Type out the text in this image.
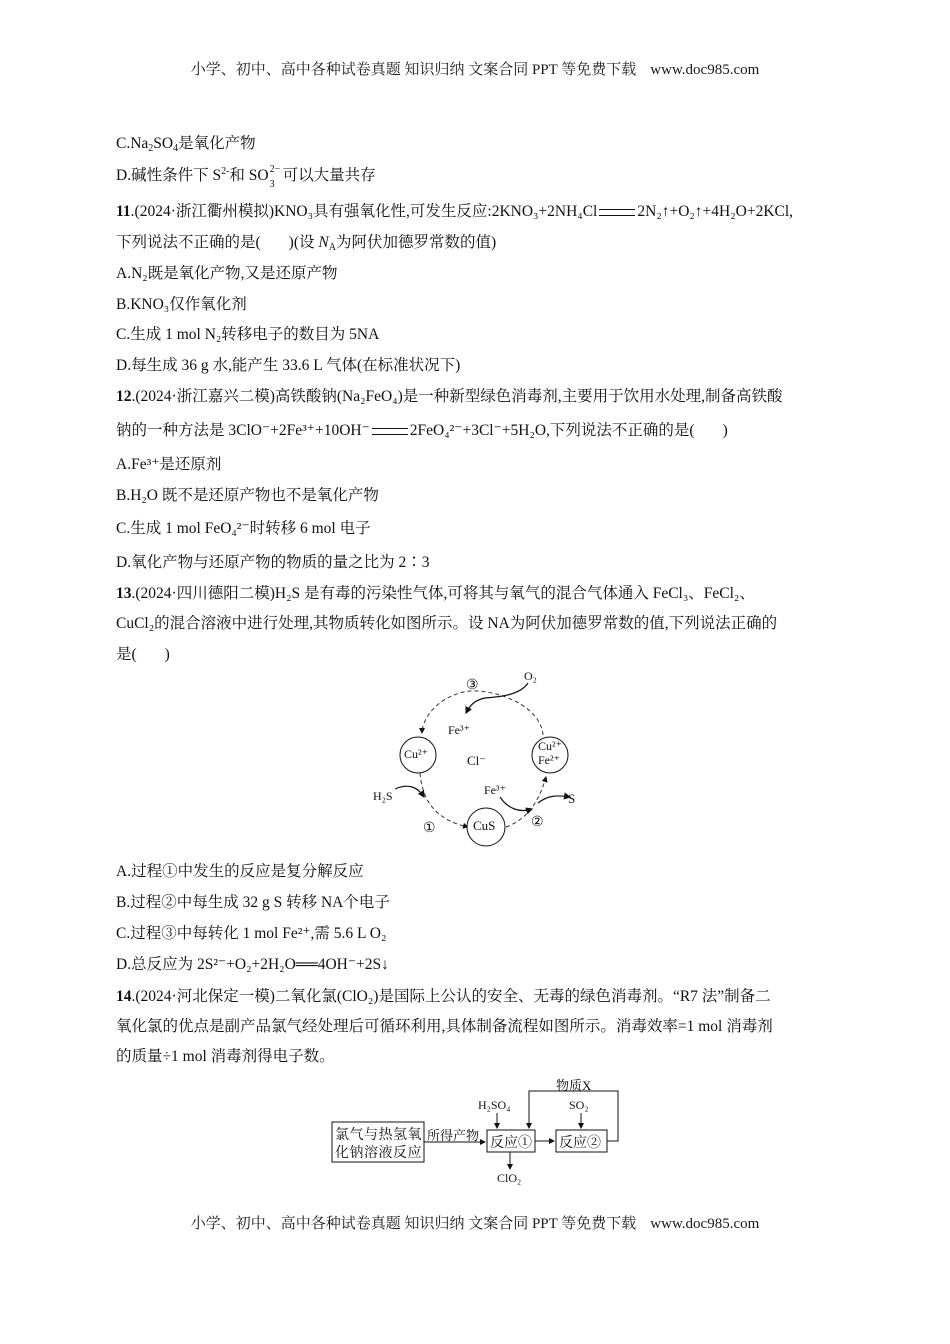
小学、初中、高中各种试卷真题 知识归纳 文案合同 PPT 等免费下载 www.doc985.com
$C.Na_2SO_4$是氧化产物
D.碱性条件下 $S^{2-}$和 SO 2−
3
可以大量共存
11.(2024·浙江衢州模拟)KNO₃具有强氧化性,可发生反应:2KNO₃+2NH₄Cl	2N₂↑+O₂↑+4H₂O+2KCl,
下列说法不正确的是( )(设 $N_A$为阿伏加德罗常数的值)
A.N₂既是氧化产物,又是还原产物
B.KNO₃仅作氧化剂
C.生成 1 mol N₂转移电子的数目为 5NA
D.每生成 36 g 水,能产生 33.6 L 气体(在标准状况下)
12.(2024·浙江嘉兴二模)高铁酸钠(Na₂FeO₄)是一种新型绿色消毒剂,主要用于饮用水处理,制备高铁酸
钠的一种方法是 3ClO⁻+2Fe³⁺+10OH⁻	2FeO₄²⁻+3Cl⁻+5H₂O,下列说法不正确的是( )
A.Fe³⁺是还原剂
B.H₂O 既不是还原产物也不是氧化产物
C.生成 1 mol FeO₄²⁻时转移 6 mol 电子
D.氧化产物与还原产物的物质的量之比为 2∶3
13.(2024·四川德阳二模)H₂S 是有毒的污染性气体,可将其与氧气的混合气体通入 FeCl₃、FeCl₂、
CuCl₂的混合溶液中进行处理,其物质转化如图所示。设 NA为阿伏加德罗常数的值,下列说法正确的
是( )
Cu²⁺
Cu²⁺
Fe²⁺
CuS
O₂
Fe³⁺
Cl⁻
H₂S	Fe³⁺
S
①	②
③
A.过程①中发生的反应是复分解反应
B.过程②中每生成 32 g S 转移 NA个电子
C.过程③中每转化 1 mol Fe²⁺,需 5.6 L O₂
D.总反应为 2S²⁻+O₂+2H₂O══4OH⁻+2S↓
14.(2024·河北保定一模)二氧化氯(ClO₂)是国际上公认的安全、无毒的绿色消毒剂。“R7 法”制备二
氧化氯的优点是副产品氯气经处理后可循环利用,具体制备流程如图所示。消毒效率=1 mol 消毒剂
的质量÷1 mol 消毒剂得电子数。
氯气与热氢氧
化钠溶液反应
所得产物
H₂SO₄
反应① 反应②
SO₂
ClO₂
物质X
小学、初中、高中各种试卷真题 知识归纳 文案合同 PPT 等免费下载 www.doc985.com
